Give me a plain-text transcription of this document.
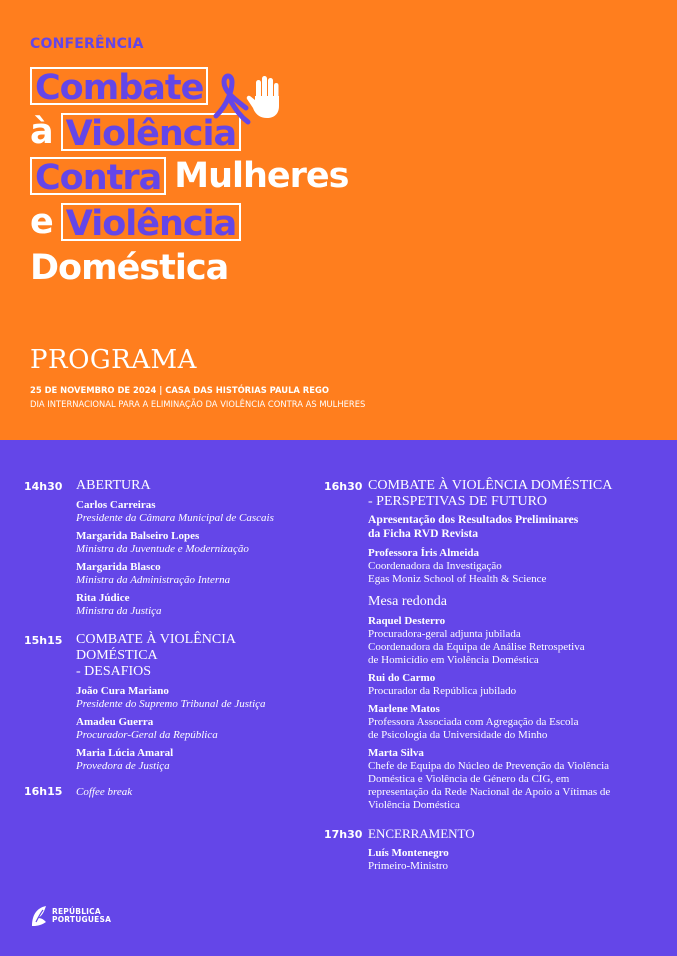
CONFERÊNCIA
Combate
à Violência
Contra Mulheres
e Violência
Doméstica
PROGRAMA
25 DE NOVEMBRO DE 2024 | CASA DAS HISTÓRIAS PAULA REGO
DIA INTERNACIONAL PARA A ELIMINAÇÃO DA VIOLÊNCIA CONTRA AS MULHERES
14h30 ABERTURA
Carlos Carreiras
Presidente da Câmara Municipal de Cascais
Margarida Balseiro Lopes
Ministra da Juventude e Modernização
Margarida Blasco
Ministra da Administração Interna
Rita Júdice
Ministra da Justiça
15h15 COMBATE À VIOLÊNCIA DOMÉSTICA
- DESAFIOS
João Cura Mariano
Presidente do Supremo Tribunal de Justiça
Amadeu Guerra
Procurador-Geral da República
Maria Lúcia Amaral
Provedora de Justiça
16h15 Coffee break
16h30 COMBATE À VIOLÊNCIA DOMÉSTICA
- PERSPETIVAS DE FUTURO
Apresentação dos Resultados Preliminares
da Ficha RVD Revista
Professora Íris Almeida
Coordenadora da Investigação
Egas Moniz School of Health & Science
Mesa redonda
Raquel Desterro
Procuradora-geral adjunta jubilada
Coordenadora da Equipa de Análise Retrospetiva
de Homicídio em Violência Doméstica
Rui do Carmo
Procurador da República jubilado
Marlene Matos
Professora Associada com Agregação da Escola
de Psicologia da Universidade do Minho
Marta Silva
Chefe de Equipa do Núcleo de Prevenção da Violência
Doméstica e Violência de Género da CIG, em
representação da Rede Nacional de Apoio a Vítimas de
Violência Doméstica
17h30 ENCERRAMENTO
Luís Montenegro
Primeiro-Ministro
REPÚBLICA
PORTUGUESA
